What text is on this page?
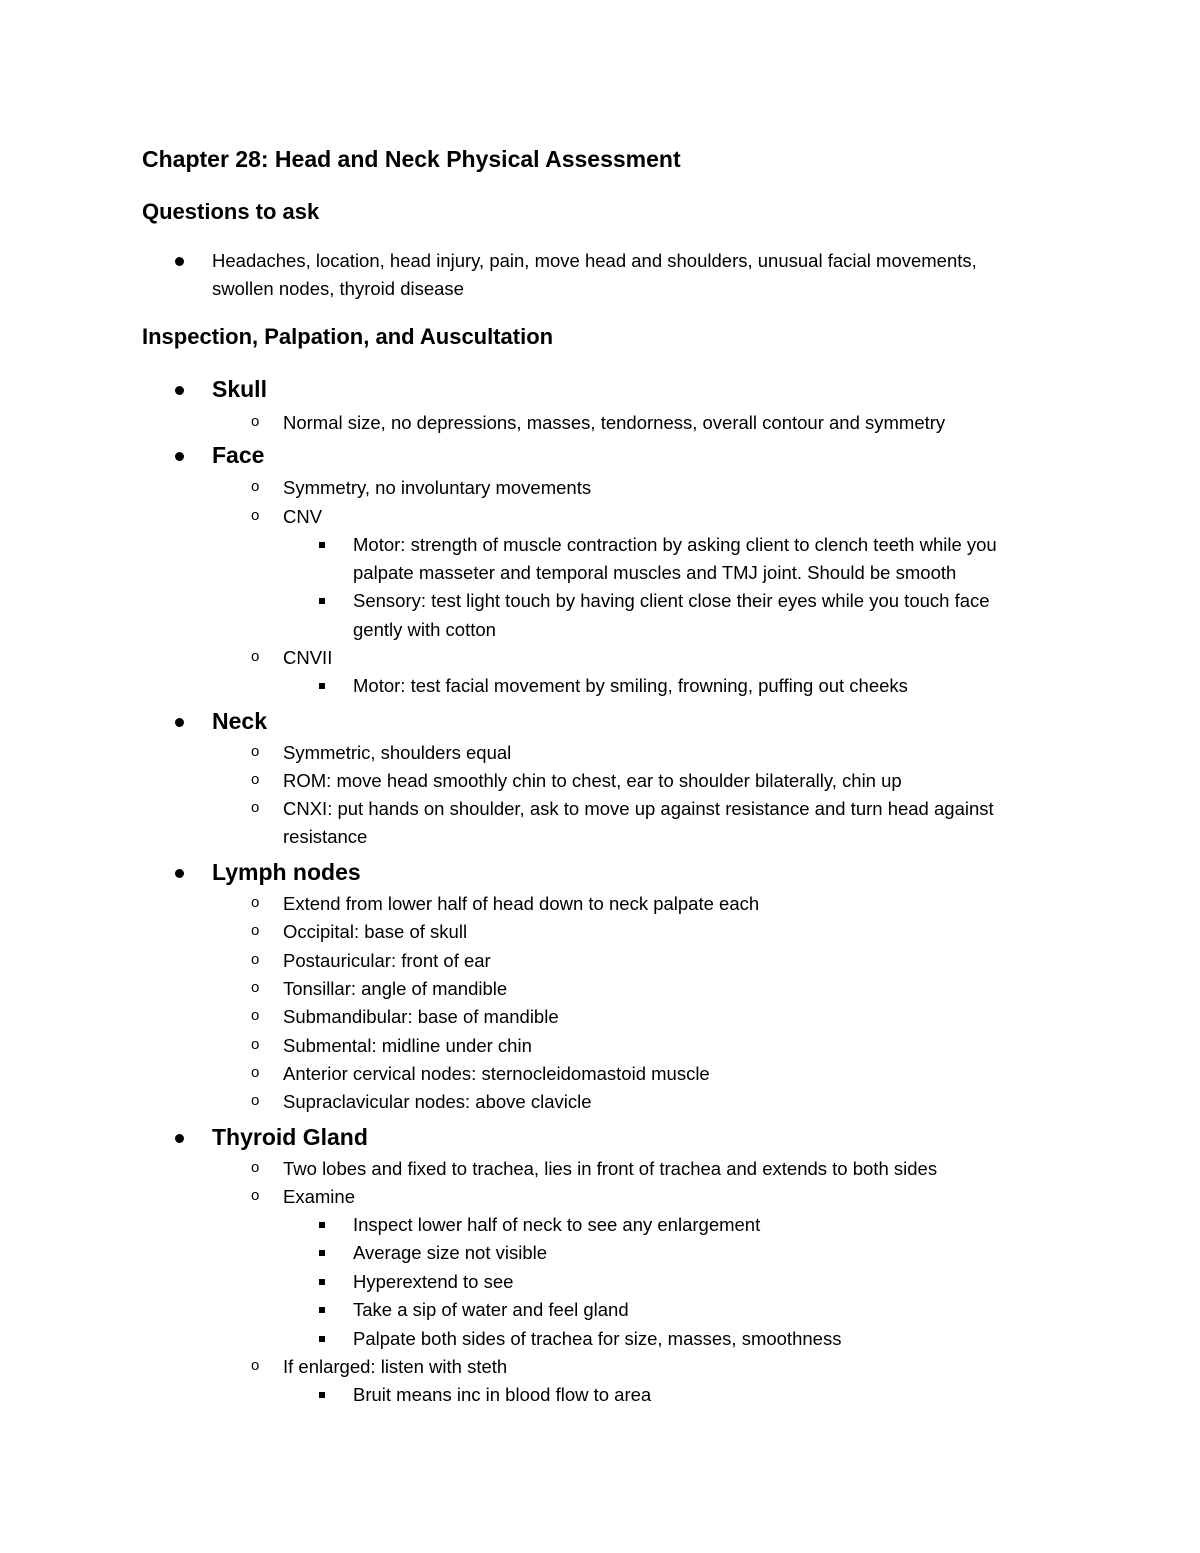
Chapter 28: Head and Neck Physical Assessment
Questions to ask
Headaches, location, head injury, pain, move head and shoulders, unusual facial movements,
swollen nodes, thyroid disease
Inspection, Palpation, and Auscultation
Skull
o Normal size, no depressions, masses, tendorness, overall contour and symmetry
Face
o Symmetry, no involuntary movements
o CNV
Motor: strength of muscle contraction by asking client to clench teeth while you
palpate masseter and temporal muscles and TMJ joint. Should be smooth
Sensory: test light touch by having client close their eyes while you touch face
gently with cotton
o CNVII
Motor: test facial movement by smiling, frowning, puffing out cheeks
Neck
o Symmetric, shoulders equal
o ROM: move head smoothly chin to chest, ear to shoulder bilaterally, chin up
o CNXI: put hands on shoulder, ask to move up against resistance and turn head against
resistance
Lymph nodes
o Extend from lower half of head down to neck palpate each
o Occipital: base of skull
o Postauricular: front of ear
o Tonsillar: angle of mandible
o Submandibular: base of mandible
o Submental: midline under chin
o Anterior cervical nodes: sternocleidomastoid muscle
o Supraclavicular nodes: above clavicle
Thyroid Gland
o Two lobes and fixed to trachea, lies in front of trachea and extends to both sides
o Examine
Inspect lower half of neck to see any enlargement
Average size not visible
Hyperextend to see
Take a sip of water and feel gland
Palpate both sides of trachea for size, masses, smoothness
o If enlarged: listen with steth
Bruit means inc in blood flow to area
